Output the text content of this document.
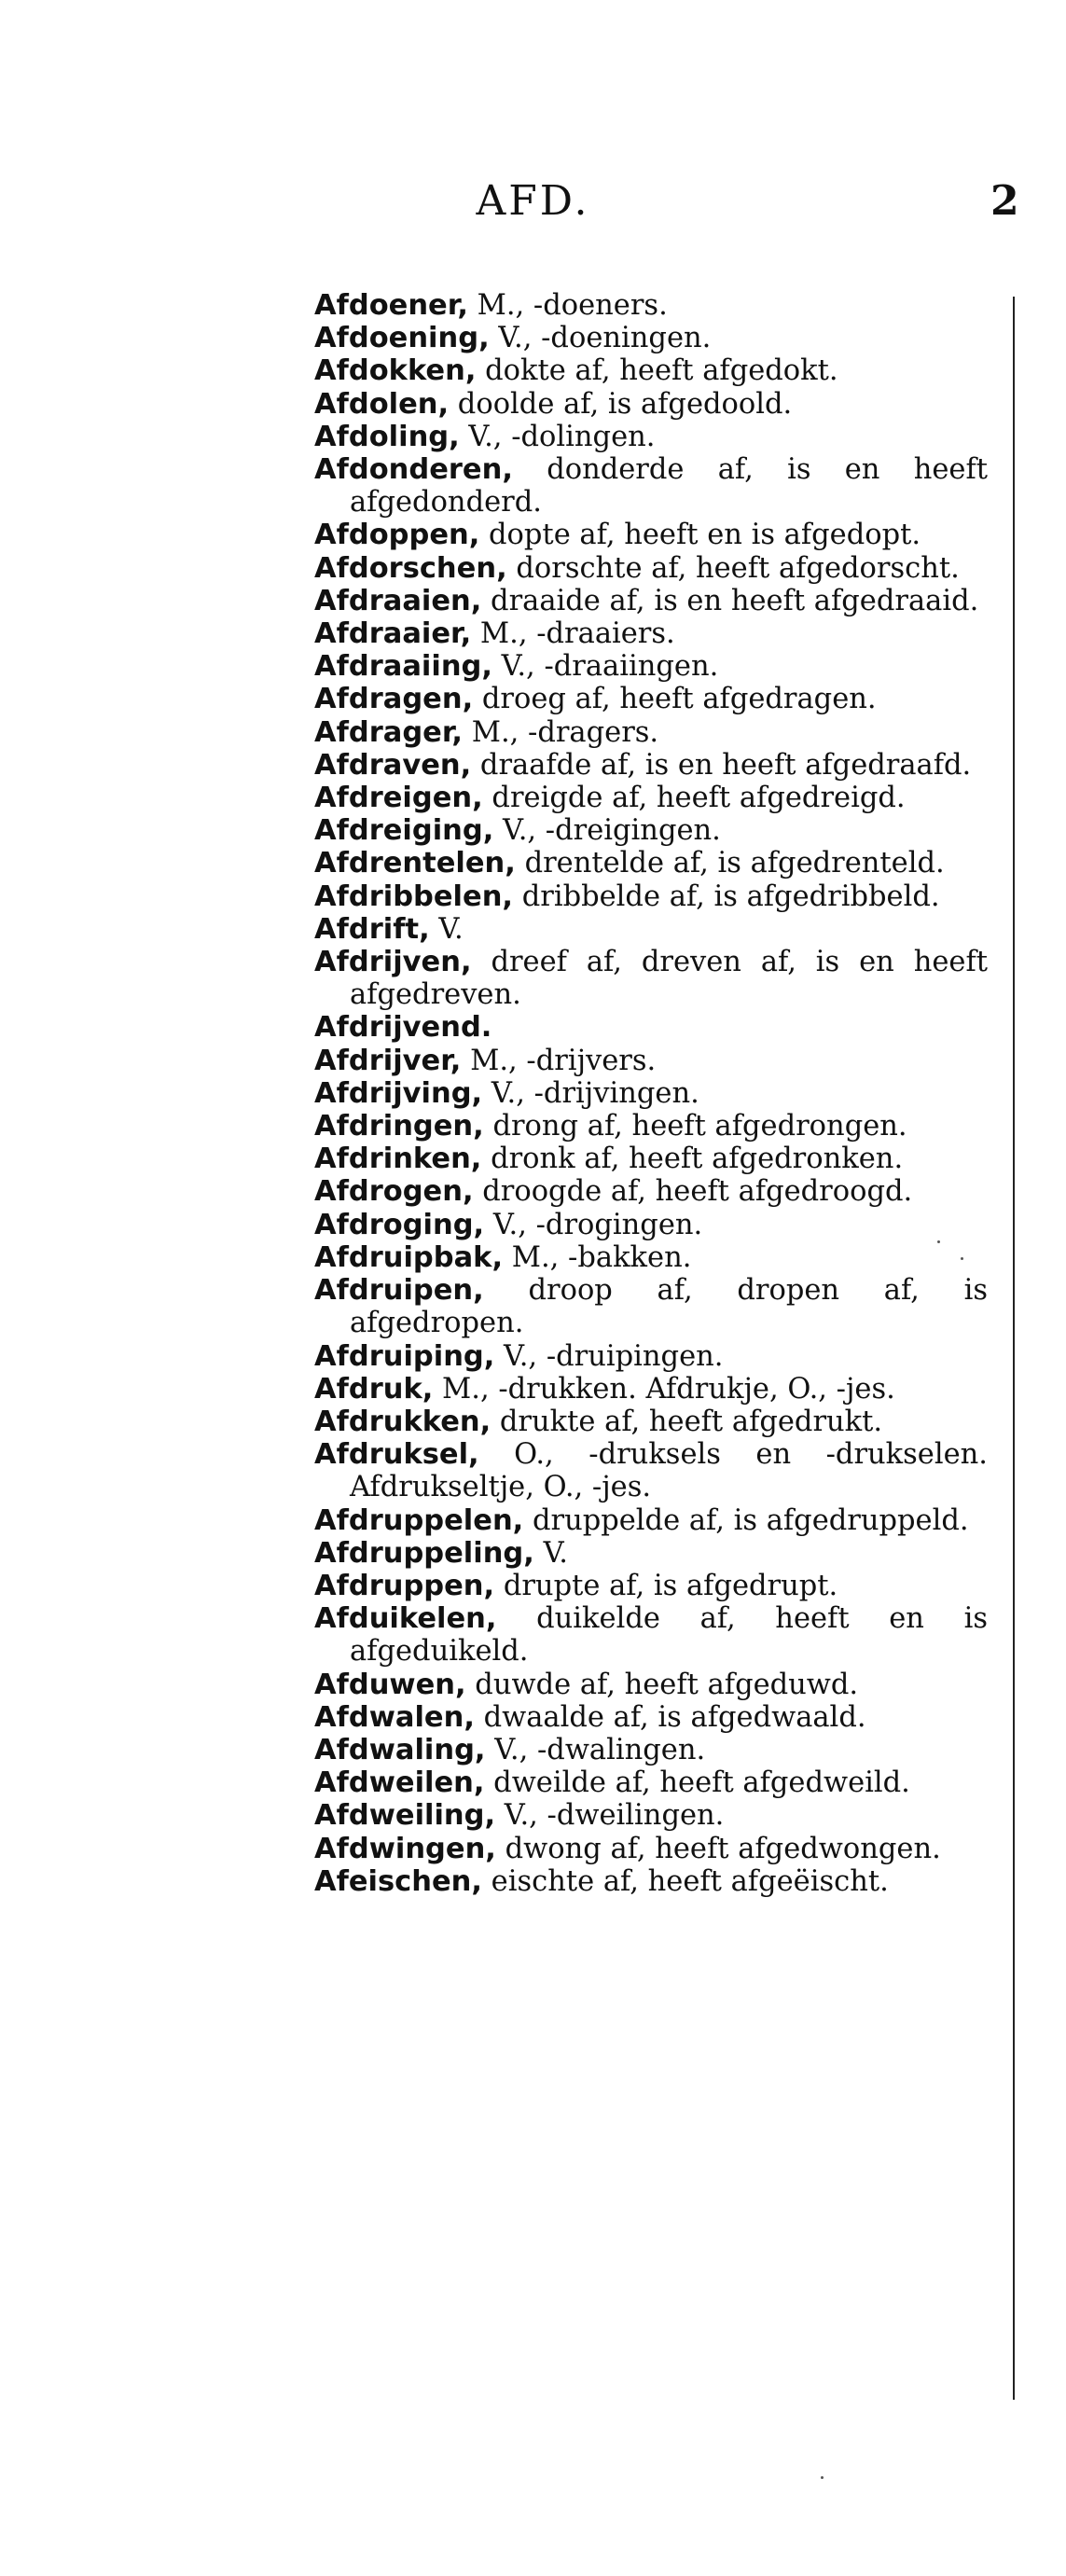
AFD.	2
Afdoener, M., -doeners.
Afdoening, V., -doeningen.
Afdokken, dokte af, heeft afgedokt.
Afdolen, doolde af, is afgedoold.
Afdoling, V., -dolingen.
Afdonderen, donderde af, is en heeft afgedonderd.
Afdoppen, dopte af, heeft en is afgedopt.
Afdorschen, dorschte af, heeft afgedorscht.
Afdraaien, draaide af, is en heeft afgedraaid.
Afdraaier, M., -draaiers.
Afdraaiing, V., -draaiingen.
Afdragen, droeg af, heeft afgedragen.
Afdrager, M., -dragers.
Afdraven, draafde af, is en heeft afgedraafd.
Afdreigen, dreigde af, heeft afgedreigd.
Afdreiging, V., -dreigingen.
Afdrentelen, drentelde af, is afgedrenteld.
Afdribbelen, dribbelde af, is afgedribbeld.
Afdrift, V.
Afdrijven, dreef af, dreven af, is en heeft afgedreven.
Afdrijvend.
Afdrijver, M., -drijvers.
Afdrijving, V., -drijvingen.
Afdringen, drong af, heeft afgedrongen.
Afdrinken, dronk af, heeft afgedronken.
Afdrogen, droogde af, heeft afgedroogd.
Afdroging, V., -drogingen.
Afdruipbak, M., -bakken.
Afdruipen, droop af, dropen af, is afgedropen.
Afdruiping, V., -druipingen.
Afdruk, M., -drukken. Afdrukje, O., -jes.
Afdrukken, drukte af, heeft afgedrukt.
Afdruksel, O., -druksels en -drukselen. Afdrukseltje, O., -jes.
Afdruppelen, druppelde af, is afgedruppeld.
Afdruppeling, V.
Afdruppen, drupte af, is afgedrupt.
Afduikelen, duikelde af, heeft en is afgeduikeld.
Afduwen, duwde af, heeft afgeduwd.
Afdwalen, dwaalde af, is afgedwaald.
Afdwaling, V., -dwalingen.
Afdweilen, dweilde af, heeft afgedweild.
Afdweiling, V., -dweilingen.
Afdwingen, dwong af, heeft afgedwongen.
Afeischen, eischte af, heeft afgeëischt.
